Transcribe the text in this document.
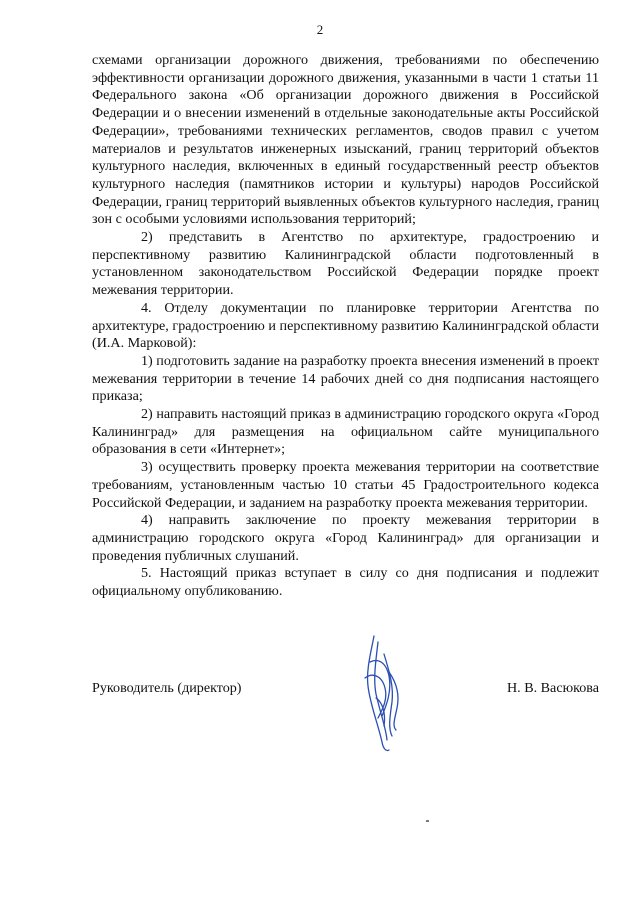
2

схемами организации дорожного движения, требованиями по обеспечению эффективности организации дорожного движения, указанными в части 1 статьи 11 Федерального закона «Об организации дорожного движения в Российской Федерации и о внесении изменений в отдельные законодательные акты Российской Федерации», требованиями технических регламентов, сводов правил с учетом материалов и результатов инженерных изысканий, границ территорий объектов культурного наследия, включенных в единый государственный реестр объектов культурного наследия (памятников истории и культуры) народов Российской Федерации, границ территорий выявленных объектов культурного наследия, границ зон с особыми условиями использования территорий;

2) представить в Агентство по архитектуре, градостроению и перспективному развитию Калининградской области подготовленный в установленном законодательством Российской Федерации порядке проект межевания территории.

4. Отделу документации по планировке территории Агентства по архитектуре, градостроению и перспективному развитию Калининградской области (И.А. Марковой):

1) подготовить задание на разработку проекта внесения изменений в проект межевания территории в течение 14 рабочих дней со дня подписания настоящего приказа;

2) направить настоящий приказ в администрацию городского округа «Город Калининград» для размещения на официальном сайте муниципального образования в сети «Интернет»;

3) осуществить проверку проекта межевания территории на соответствие требованиям, установленным частью 10 статьи 45 Градостроительного кодекса Российской Федерации, и заданием на разработку проекта межевания территории.

4) направить заключение по проекту межевания территории в администрацию городского округа «Город Калининград» для организации и проведения публичных слушаний.

5. Настоящий приказ вступает в силу со дня подписания и подлежит официальному опубликованию.

Руководитель (директор)	Н. В. Васюкова
